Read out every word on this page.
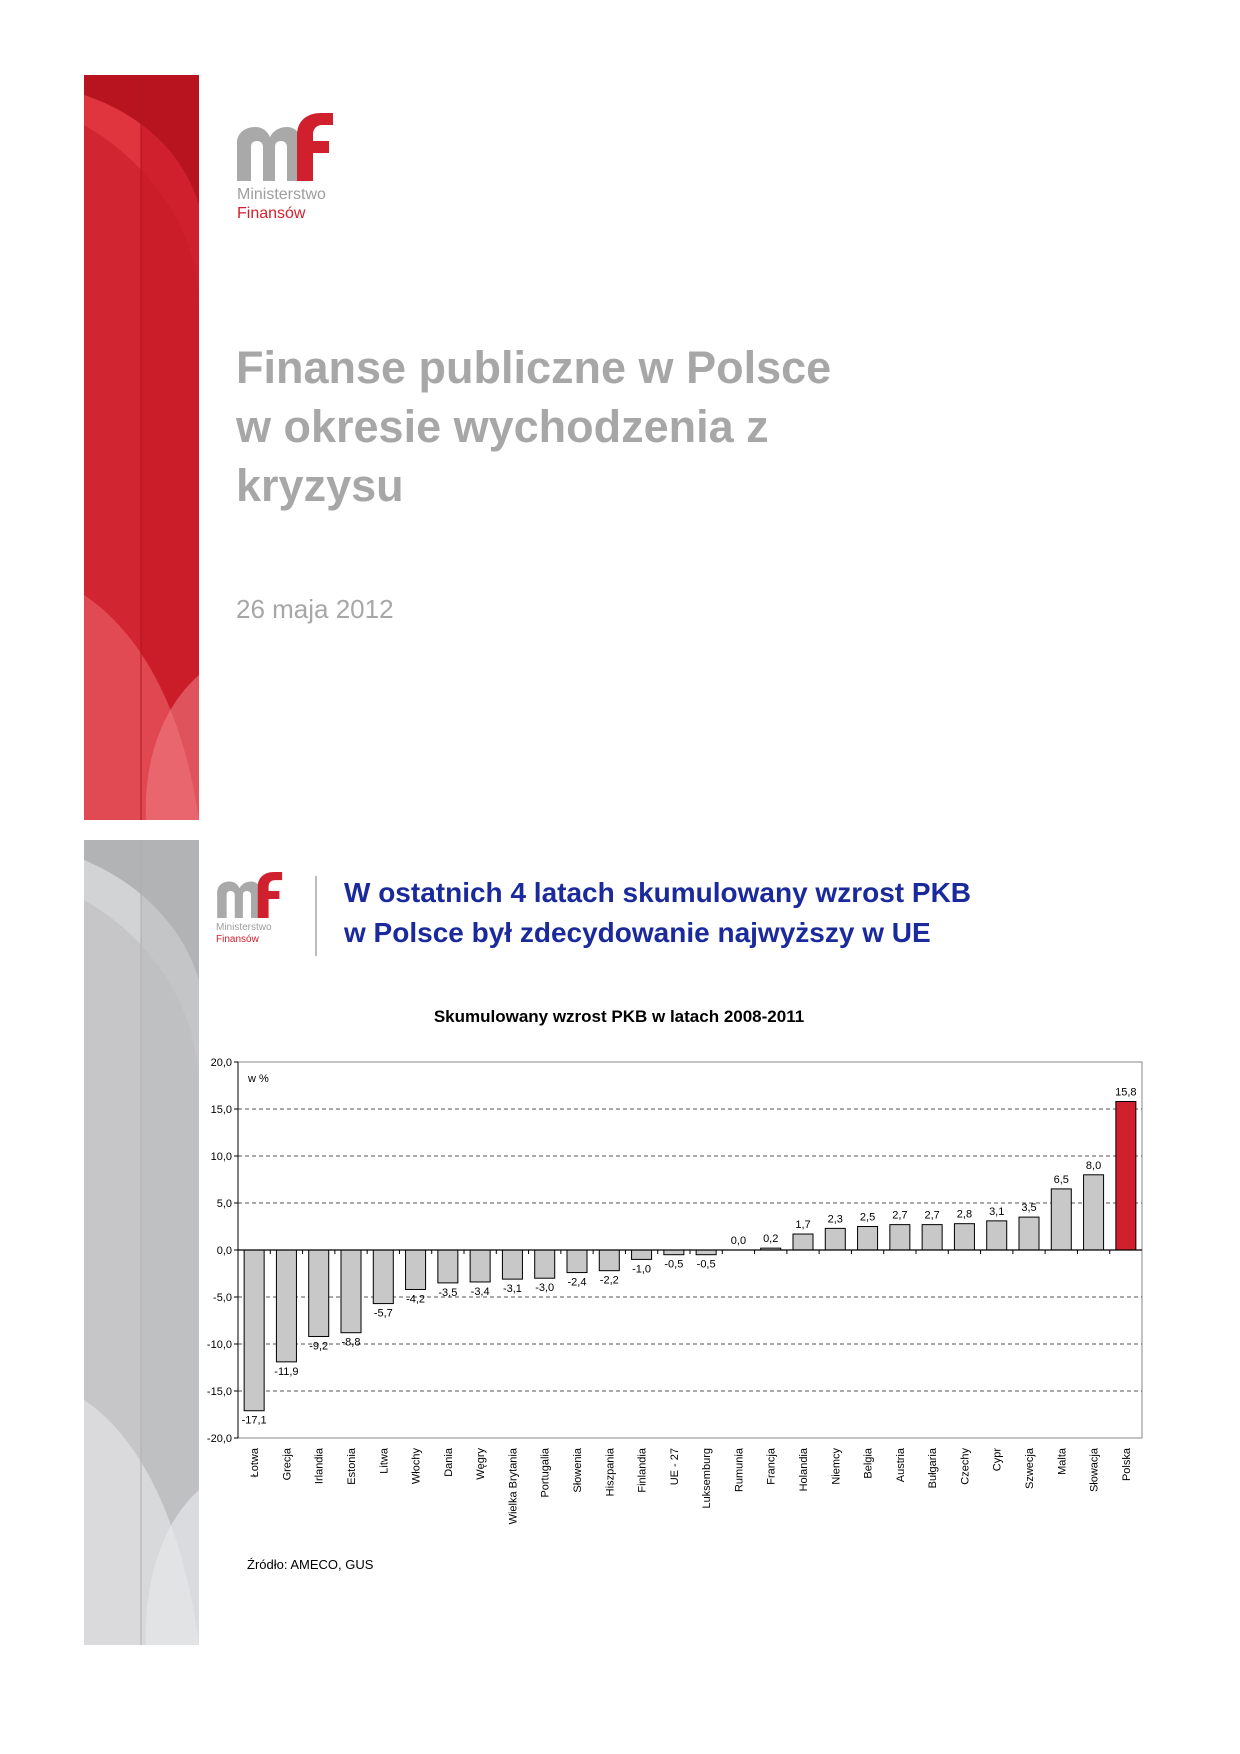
Ministerstwo
Finansów
Finanse publiczne w Polsce
w okresie wychodzenia z
kryzysu
26 maja 2012
Ministerstwo
Finansów
W ostatnich 4 latach skumulowany wzrost PKB
w Polsce był zdecydowanie najwyższy w UE
Skumulowany wzrost PKB w latach 2008-2011
20,0
15,0
10,0
5,0
0,0
-5,0
-10,0
-15,0
-20,0
w %
-17,1
Łotwa
-11,9
Grecja
-9,2
Irlandia
-8,8
Estonia
-5,7
Litwa
-4,2
Włochy
-3,5
Dania
-3,4
Węgry
-3,1
Wielka Brytania
-3,0
Portugalia
-2,4
Słowenia
-2,2
Hiszpania
-1,0
Finlandia
-0,5
UE - 27
-0,5
Luksemburg
0,0
Rumunia
0,2
Francja
1,7
Holandia
2,3
Niemcy
2,5
Belgia
2,7
Austria
2,7
Bułgaria
2,8
Czechy
3,1
Cypr
3,5
Szwecja
6,5
Malta
8,0
Słowacja
15,8
Polska
Źródło: AMECO, GUS
